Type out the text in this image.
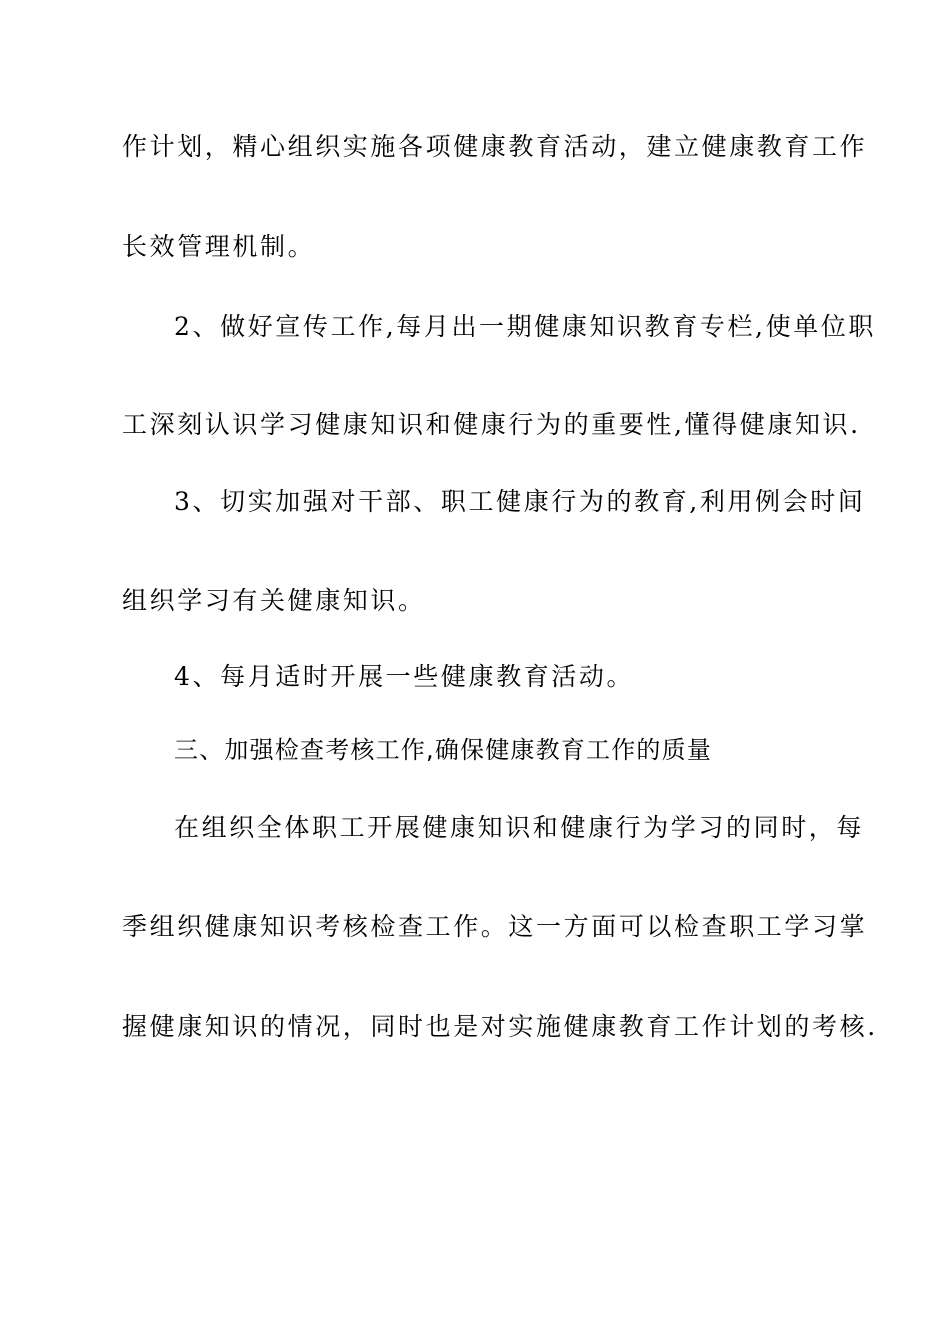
作计划，精心组织实施各项健康教育活动，建立健康教育工作
长效管理机制。
2、做好宣传工作,每月出一期健康知识教育专栏,使单位职
工深刻认识学习健康知识和健康行为的重要性,懂得健康知识.
3、切实加强对干部、职工健康行为的教育,利用例会时间
组织学习有关健康知识。
4、每月适时开展一些健康教育活动。
三、加强检查考核工作,确保健康教育工作的质量
在组织全体职工开展健康知识和健康行为学习的同时，每
季组织健康知识考核检查工作。这一方面可以检查职工学习掌
握健康知识的情况，同时也是对实施健康教育工作计划的考核.
